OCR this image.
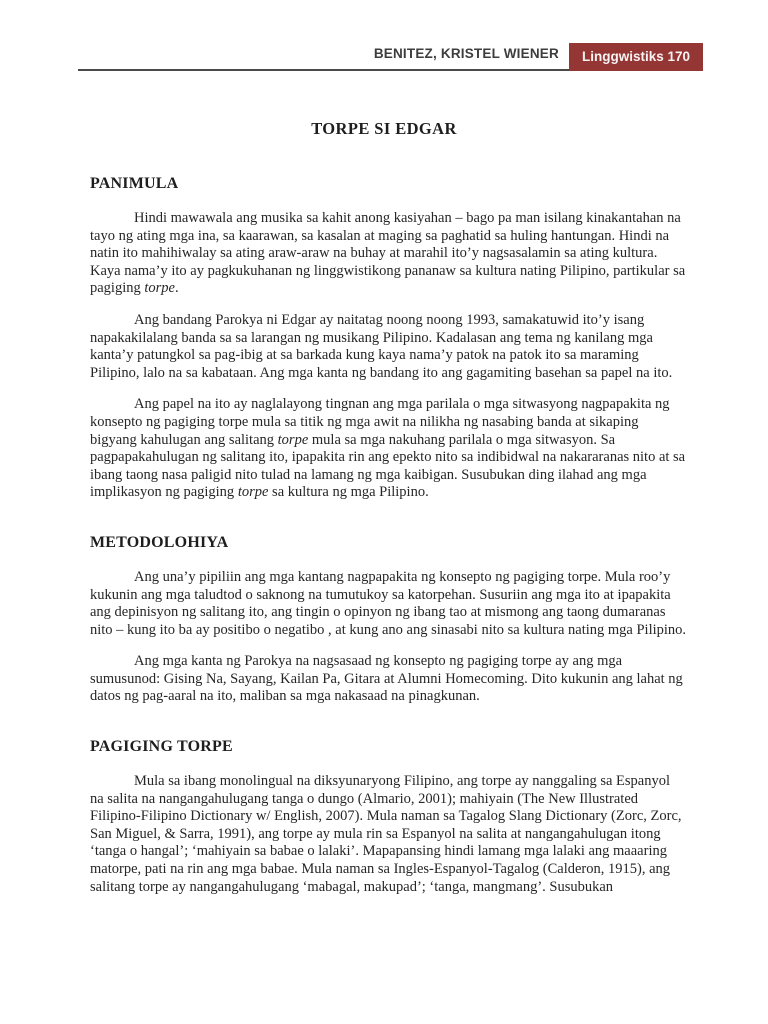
BENITEZ, KRISTEL WIENER	Linggwistiks 170
TORPE SI EDGAR
PANIMULA

Hindi mawawala ang musika sa kahit anong kasiyahan – bago pa man isilang kinakantahan na tayo ng ating mga ina, sa kaarawan, sa kasalan at maging sa paghatid sa huling hantungan. Hindi na natin ito mahihiwalay sa ating araw-araw na buhay at marahil ito’y nagsasalamin sa ating kultura. Kaya nama’y ito ay pagkukuhanan ng linggwistikong pananaw sa kultura nating Pilipino, partikular sa pagiging torpe.

Ang bandang Parokya ni Edgar ay naitatag noong noong 1993, samakatuwid ito’y isang napakakilalang banda sa sa larangan ng musikang Pilipino. Kadalasan ang tema ng kanilang mga kanta’y patungkol sa pag-ibig at sa barkada kung kaya nama’y patok na patok ito sa maraming Pilipino, lalo na sa kabataan. Ang mga kanta ng bandang ito ang gagamiting basehan sa papel na ito.

Ang papel na ito ay naglalayong tingnan ang mga parilala o mga sitwasyong nagpapakita ng konsepto ng pagiging torpe mula sa titik ng mga awit na nilikha ng nasabing banda at sikaping bigyang kahulugan ang salitang torpe mula sa mga nakuhang parilala o mga sitwasyon. Sa pagpapakahulugan ng salitang ito, ipapakita rin ang epekto nito sa indibidwal na nakararanas nito at sa ibang taong nasa paligid nito tulad na lamang ng mga kaibigan. Susubukan ding ilahad ang mga implikasyon ng pagiging torpe sa kultura ng mga Pilipino.

METODOLOHIYA

Ang una’y pipiliin ang mga kantang nagpapakita ng konsepto ng pagiging torpe. Mula roo’y kukunin ang mga taludtod o saknong na tumutukoy sa katorpehan. Susuriin ang mga ito at ipapakita ang depinisyon ng salitang ito, ang tingin o opinyon ng ibang tao at mismong ang taong dumaranas nito – kung ito ba ay positibo o negatibo , at kung ano ang sinasabi nito sa kultura nating mga Pilipino.

Ang mga kanta ng Parokya na nagsasaad ng konsepto ng pagiging torpe ay ang mga sumusunod: Gising Na, Sayang, Kailan Pa, Gitara at Alumni Homecoming. Dito kukunin ang lahat ng datos ng pag-aaral na ito, maliban sa mga nakasaad na pinagkunan.

PAGIGING TORPE

Mula sa ibang monolingual na diksyunaryong Filipino, ang torpe ay nanggaling sa Espanyol na salita na nangangahulugang tanga o dungo (Almario, 2001); mahiyain (The New Illustrated Filipino-Filipino Dictionary w/ English, 2007). Mula naman sa Tagalog Slang Dictionary (Zorc, Zorc, San Miguel, & Sarra, 1991), ang torpe ay mula rin sa Espanyol na salita at nangangahulugan itong ‘tanga o hangal’; ‘mahiyain sa babae o lalaki’. Mapapansing hindi lamang mga lalaki ang maaaring matorpe, pati na rin ang mga babae. Mula naman sa Ingles-Espanyol-Tagalog (Calderon, 1915), ang salitang torpe ay nangangahulugang ‘mabagal, makupad’; ‘tanga, mangmang’. Susubukan
